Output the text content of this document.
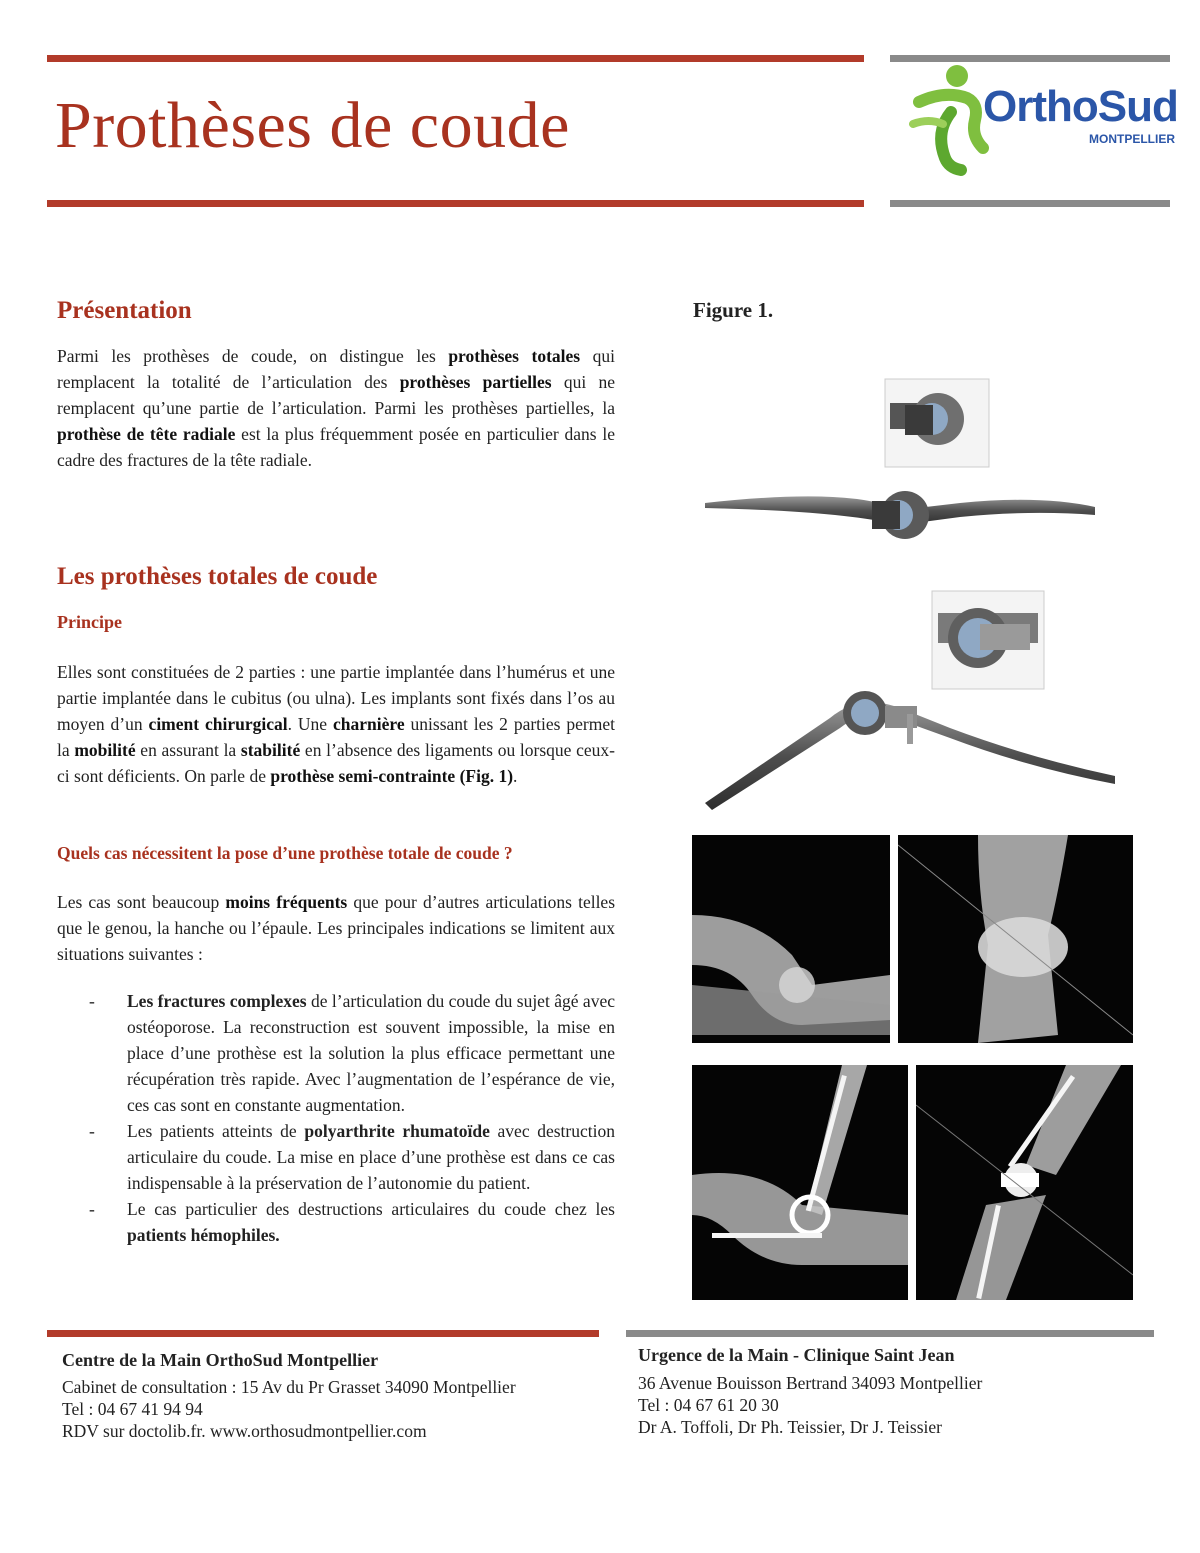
Prothèses de coude	OrthoSud
MONTPELLIER
Présentation
Parmi les prothèses de coude, on distingue les prothèses totales qui remplacent la totalité de l’articulation des prothèses partielles qui ne remplacent qu’une partie de l’articulation. Parmi les prothèses partielles, la prothèse de tête radiale est la plus fréquemment posée en particulier dans le cadre des fractures de la tête radiale.
Les prothèses totales de coude
Principe
Elles sont constituées de 2 parties : une partie implantée dans l’humérus et une partie implantée dans le cubitus (ou ulna). Les implants sont fixés dans l’os au moyen d’un ciment chirurgical. Une charnière unissant les 2 parties permet la mobilité en assurant la stabilité en l’absence des ligaments ou lorsque ceux-ci sont déficients. On parle de prothèse semi-contrainte (Fig. 1).
Quels cas nécessitent la pose d’une prothèse totale de coude ?
Les cas sont beaucoup moins fréquents que pour d’autres articulations telles que le genou, la hanche ou l’épaule. Les principales indications se limitent aux situations suivantes :
- Les fractures complexes de l’articulation du coude du sujet âgé avec ostéoporose. La reconstruction est souvent impossible, la mise en place d’une prothèse est la solution la plus efficace permettant une récupération très rapide. Avec l’augmentation de l’espérance de vie, ces cas sont en constante augmentation.
- Les patients atteints de polyarthrite rhumatoïde avec destruction articulaire du coude. La mise en place d’une prothèse est dans ce cas indispensable à la préservation de l’autonomie du patient.
- Le cas particulier des destructions articulaires du coude chez les patients hémophiles.
Figure 1.
Centre de la Main OrthoSud Montpellier
Cabinet de consultation : 15 Av du Pr Grasset 34090 Montpellier
Tel : 04 67 41 94 94
RDV sur doctolib.fr. www.orthosudmontpellier.com
Urgence de la Main - Clinique Saint Jean
36 Avenue Bouisson Bertrand 34093 Montpellier
Tel : 04 67 61 20 30
Dr A. Toffoli, Dr Ph. Teissier, Dr J. Teissier
